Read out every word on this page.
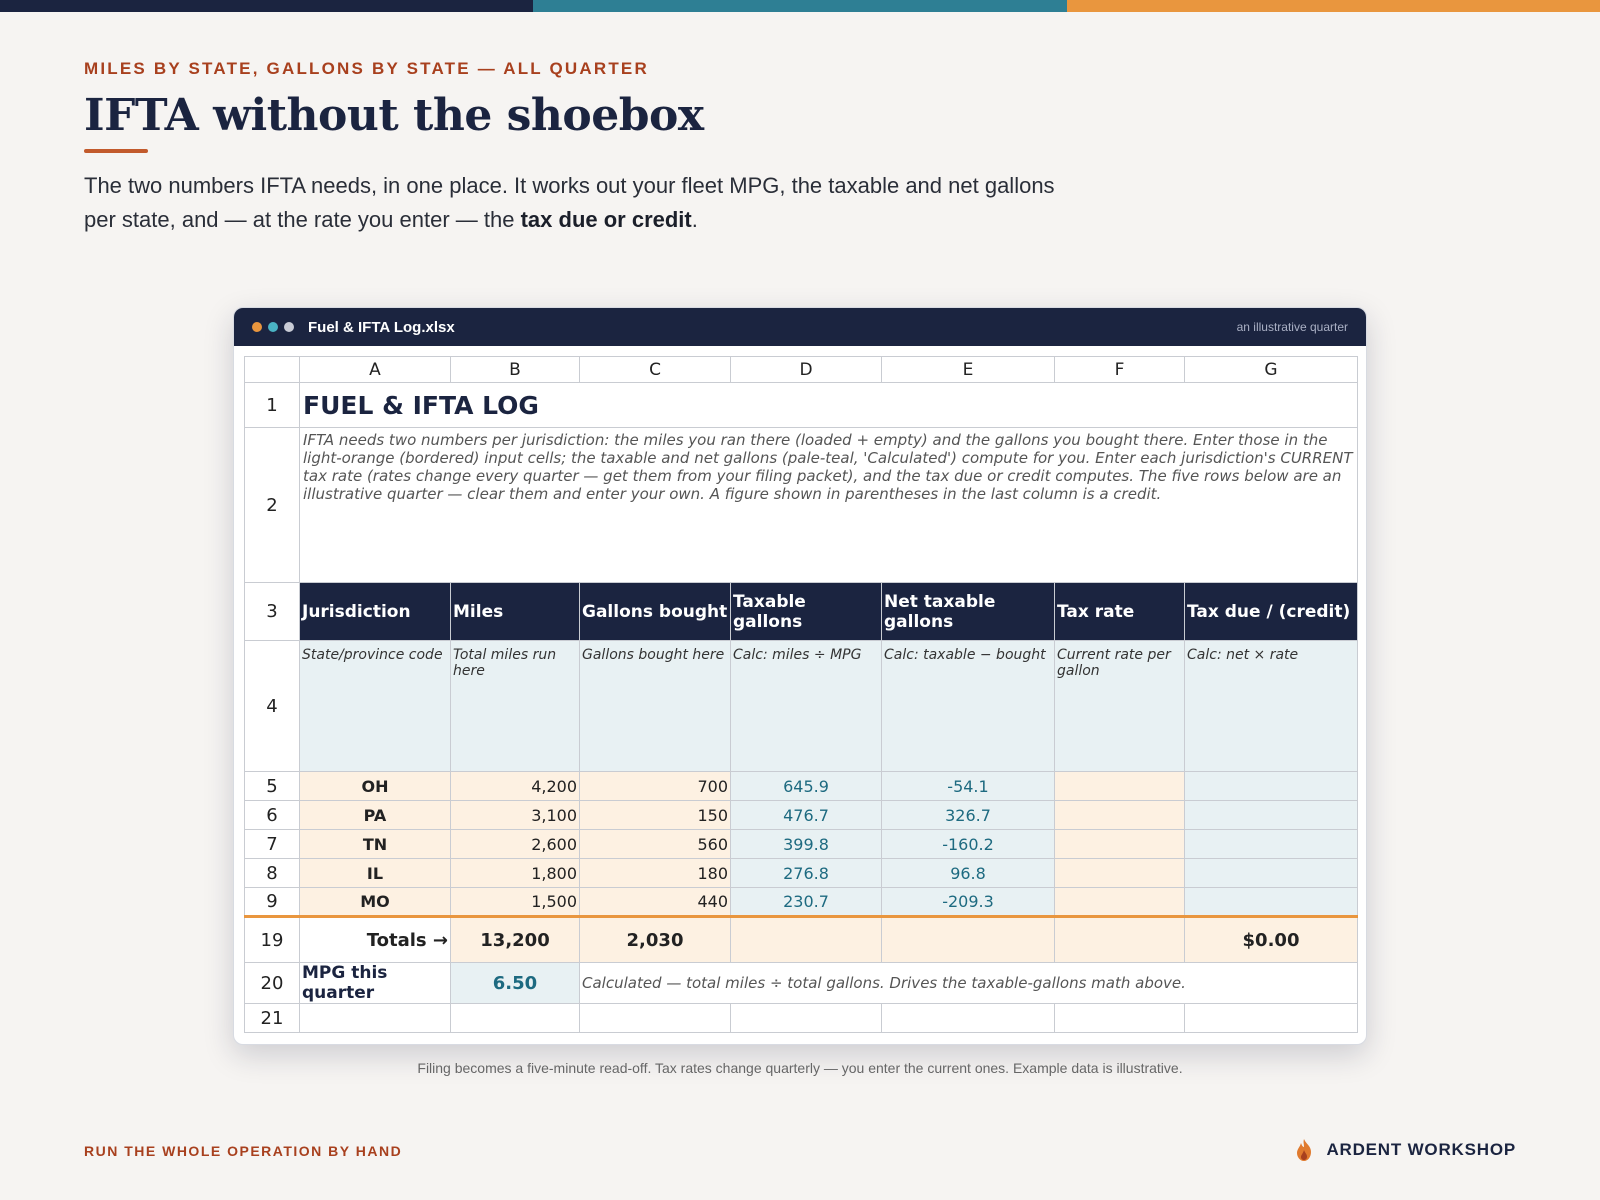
MILES BY STATE, GALLONS BY STATE — ALL QUARTER
IFTA without the shoebox

The two numbers IFTA needs, in one place. It works out your fleet MPG, the taxable and net gallons per state, and — at the rate you enter — the tax due or credit.

Fuel & IFTA Log.xlsx	an illustrative quarter
	A	B	C	D	E	F	G
1	FUEL & IFTA LOG						
2	IFTA needs two numbers per jurisdiction: the miles you ran there (loaded + empty) and the gallons you bought there. Enter those in the light-orange (bordered) input cells; the taxable and net gallons (pale-teal, 'Calculated') compute for you. Enter each jurisdiction's CURRENT tax rate (rates change every quarter — get them from your filing packet), and the tax due or credit computes. The five rows below are an illustrative quarter — clear them and enter your own. A figure shown in parentheses in the last column is a credit.						
3	Jurisdiction	Miles	Gallons bought	Taxable gallons	Net taxable gallons	Tax rate	Tax due / (credit)
4	State/province code	Total miles run here	Gallons bought here	Calc: miles ÷ MPG	Calc: taxable − bought	Current rate per gallon	Calc: net × rate
5	OH	4,200	700	645.9	-54.1		
6	PA	3,100	150	476.7	326.7		
7	TN	2,600	560	399.8	-160.2		
8	IL	1,800	180	276.8	96.8		
9	MO	1,500	440	230.7	-209.3		
19	Totals →	13,200	2,030				$0.00
20	MPG this quarter	6.50	Calculated — total miles ÷ total gallons. Drives the taxable-gallons math above.				
21							
Filing becomes a five-minute read-off. Tax rates change quarterly — you enter the current ones. Example data is illustrative.
RUN THE WHOLE OPERATION BY HAND	ARDENT WORKSHOP
